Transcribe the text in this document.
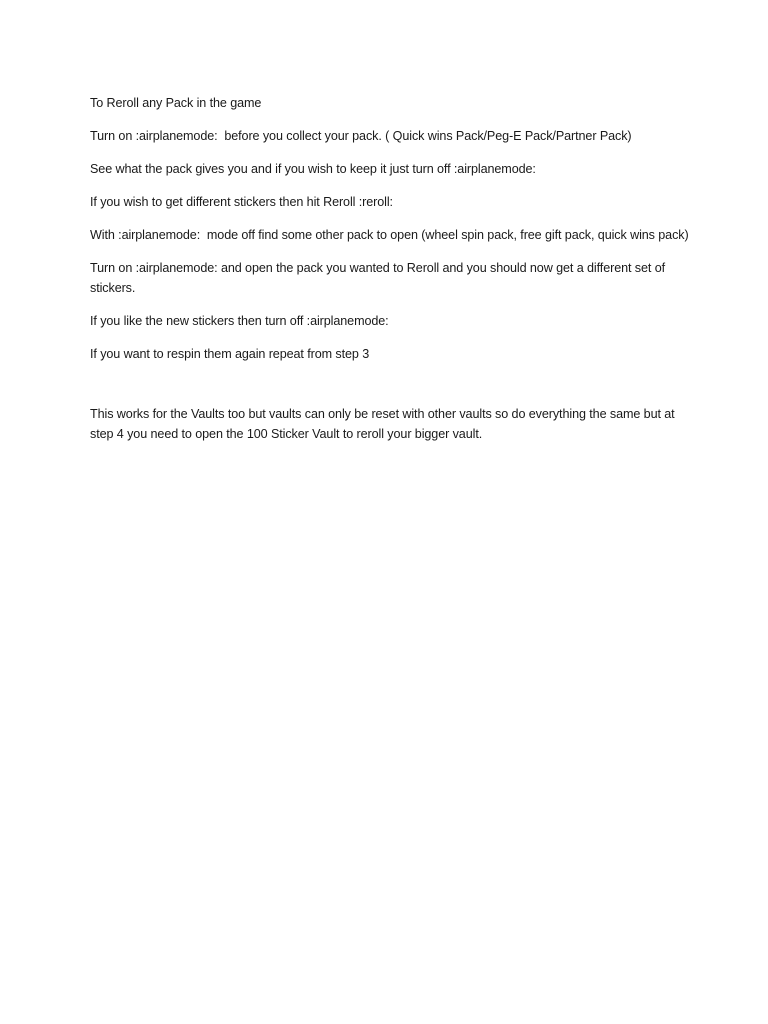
To Reroll any Pack in the game

Turn on :airplanemode:  before you collect your pack. ( Quick wins Pack/Peg-E Pack/Partner Pack)

See what the pack gives you and if you wish to keep it just turn off :airplanemode:

If you wish to get different stickers then hit Reroll :reroll:

With :airplanemode:  mode off find some other pack to open (wheel spin pack, free gift pack, quick wins pack)

Turn on :airplanemode: and open the pack you wanted to Reroll and you should now get a different set of stickers.

If you like the new stickers then turn off :airplanemode:

If you want to respin them again repeat from step 3

This works for the Vaults too but vaults can only be reset with other vaults so do everything the same but at step 4 you need to open the 100 Sticker Vault to reroll your bigger vault.
